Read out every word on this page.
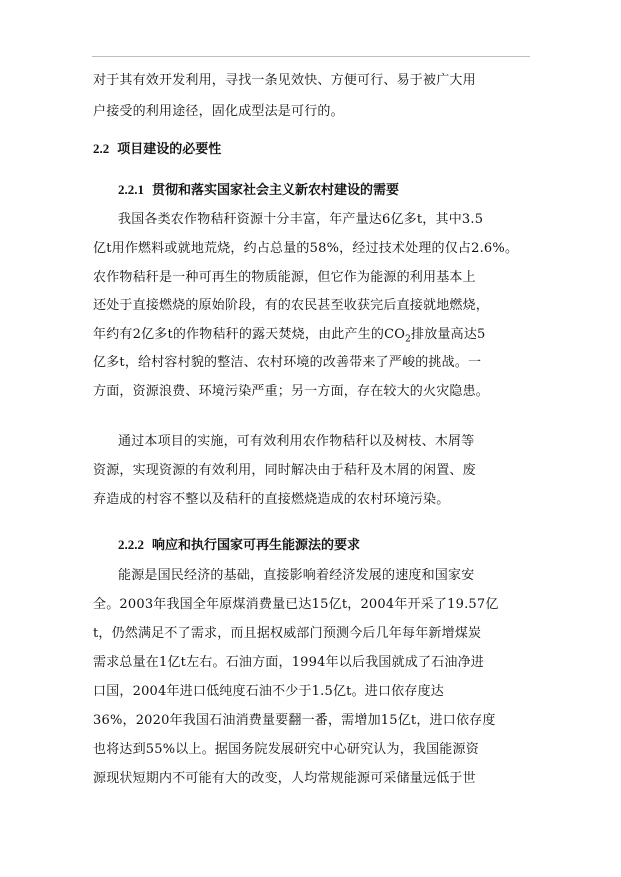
对于其有效开发利用，寻找一条见效快、方便可行、易于被广大用
户接受的利用途径，固化成型法是可行的。
2.2 项目建设的必要性
2.2.1 贯彻和落实国家社会主义新农村建设的需要
我国各类农作物秸秆资源十分丰富，年产量达6亿多t，其中3.5
亿t用作燃料或就地荒烧，约占总量的58%，经过技术处理的仅占2.6%。
农作物秸秆是一种可再生的物质能源，但它作为能源的利用基本上
还处于直接燃烧的原始阶段，有的农民甚至收获完后直接就地燃烧，
年约有2亿多t的作物秸秆的露天焚烧，由此产生的$CO_2$排放量高达5
亿多t，给村容村貌的整洁、农村环境的改善带来了严峻的挑战。一
方面，资源浪费、环境污染严重；另一方面，存在较大的火灾隐患。
通过本项目的实施，可有效利用农作物秸秆以及树枝、木屑等
资源，实现资源的有效利用，同时解决由于秸秆及木屑的闲置、废
弃造成的村容不整以及秸秆的直接燃烧造成的农村环境污染。
2.2.2 响应和执行国家可再生能源法的要求
能源是国民经济的基础，直接影响着经济发展的速度和国家安
全。2003年我国全年原煤消费量已达15亿t，2004年开采了19.57亿
t，仍然满足不了需求，而且据权威部门预测今后几年每年新增煤炭
需求总量在1亿t左右。石油方面，1994年以后我国就成了石油净进
口国，2004年进口低纯度石油不少于1.5亿t。进口依存度达
36%，2020年我国石油消费量要翻一番，需增加15亿t，进口依存度
也将达到55%以上。据国务院发展研究中心研究认为，我国能源资
源现状短期内不可能有大的改变，人均常规能源可采储量远低于世
